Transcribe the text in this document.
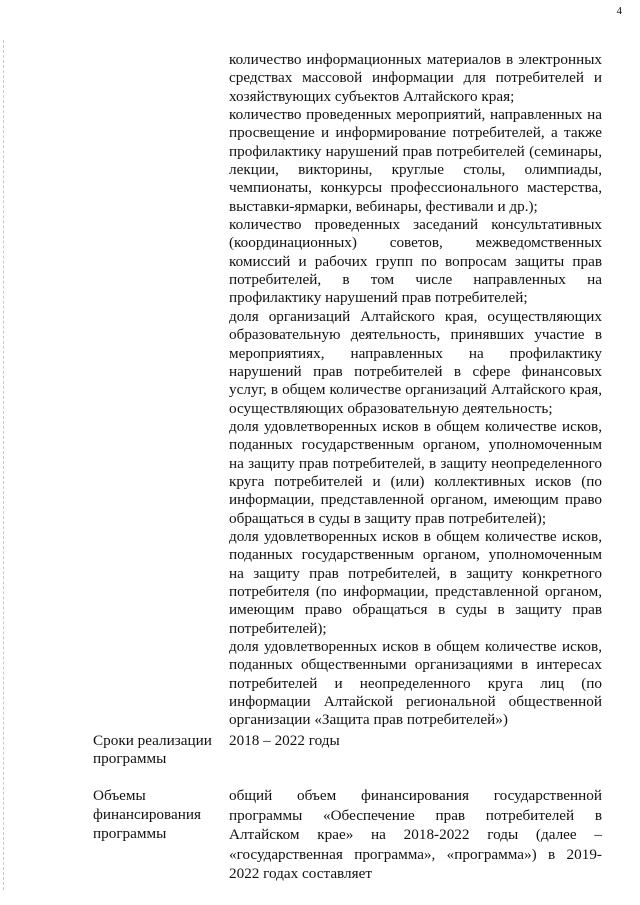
4

количество информационных материалов в электронных средствах массовой информации для потребителей и хозяйствующих субъектов Алтайского края;

количество проведенных мероприятий, направленных на просвещение и информирование потребителей, а также профилактику нарушений прав потребителей (семинары, лекции, викторины, круглые столы, олимпиады, чемпионаты, конкурсы профессионального мастерства, выставки-ярмарки, вебинары, фестивали и др.);

количество проведенных заседаний консультативных (координационных) советов, межведомственных комиссий и рабочих групп по вопросам защиты прав потребителей, в том числе направленных на профилактику нарушений прав потребителей;

доля организаций Алтайского края, осуществляющих образовательную деятельность, принявших участие в мероприятиях, направленных на профилактику нарушений прав потребителей в сфере финансовых услуг, в общем количестве организаций Алтайского края, осуществляющих образовательную деятельность;

доля удовлетворенных исков в общем количестве исков, поданных государственным органом, уполномоченным на защиту прав потребителей, в защиту неопределенного круга потребителей и (или) коллективных исков (по информации, представленной органом, имеющим право обращаться в суды в защиту прав потребителей);

доля удовлетворенных исков в общем количестве исков, поданных государственным органом, уполномоченным на защиту прав потребителей, в защиту конкретного потребителя (по информации, представленной органом, имеющим право обращаться в суды в защиту прав потребителей);

доля удовлетворенных исков в общем количестве исков, поданных общественными организациями в интересах потребителей и неопределенного круга лиц (по информации Алтайской региональной общественной организации «Защита прав потребителей»)

Сроки реализации программы
2018 – 2022 годы
Объемы финансирования программы

общий объем финансирования государственной программы «Обеспечение прав потребителей в Алтайском крае» на 2018-2022 годы (далее – «государственная программа», «программа») в 2019-2022 годах составляет
